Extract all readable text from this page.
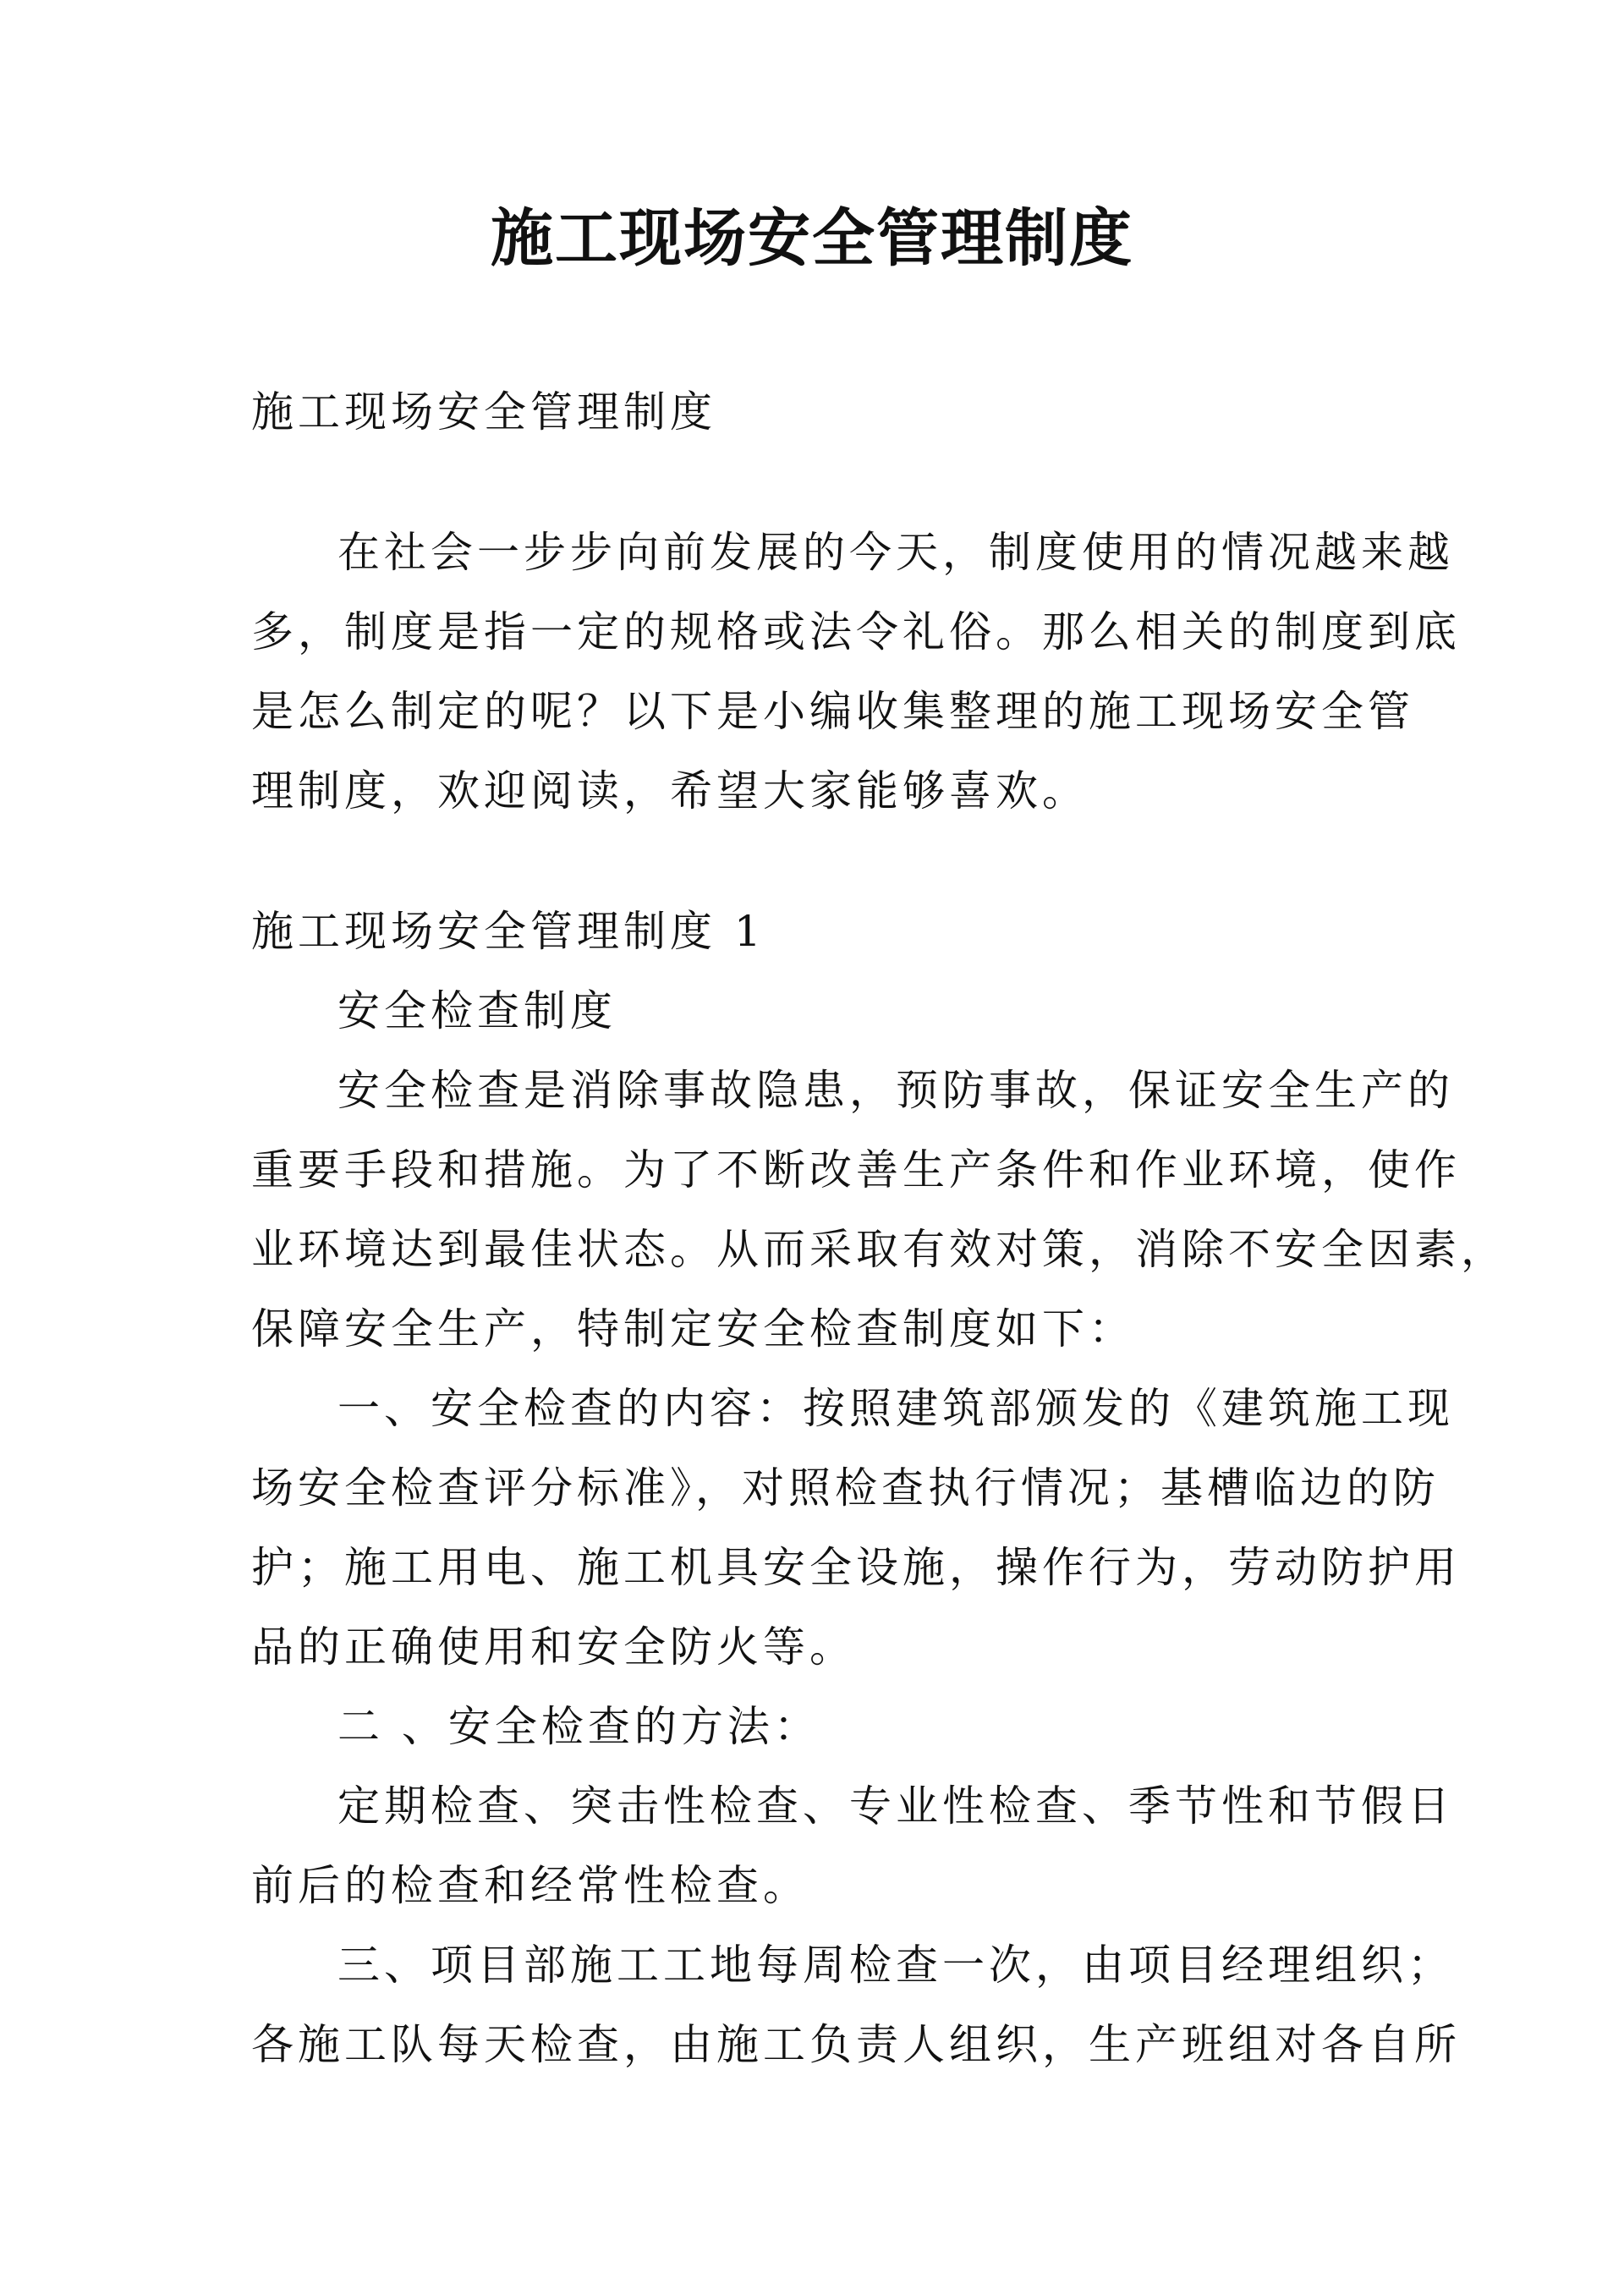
施工现场安全管理制度
施工现场安全管理制度
在社会一步步向前发展的今天，制度使用的情况越来越
多，制度是指一定的规格或法令礼俗。那么相关的制度到底
是怎么制定的呢？以下是小编收集整理的施工现场安全管
理制度，欢迎阅读，希望大家能够喜欢。
施工现场安全管理制度 1
安全检查制度
安全检查是消除事故隐患，预防事故，保证安全生产的
重要手段和措施。为了不断改善生产条件和作业环境，使作
业环境达到最佳状态。从而采取有效对策，消除不安全因素，
保障安全生产，特制定安全检查制度如下：
一、安全检查的内容：按照建筑部颁发的《建筑施工现
场安全检查评分标准》，对照检查执行情况；基槽临边的防
护；施工用电、施工机具安全设施，操作行为，劳动防护用
品的正确使用和安全防火等。
二 、安全检查的方法：
定期检查、突击性检查、专业性检查、季节性和节假日
前后的检查和经常性检查。
三、项目部施工工地每周检查一次，由项目经理组织；
各施工队每天检查，由施工负责人组织，生产班组对各自所
